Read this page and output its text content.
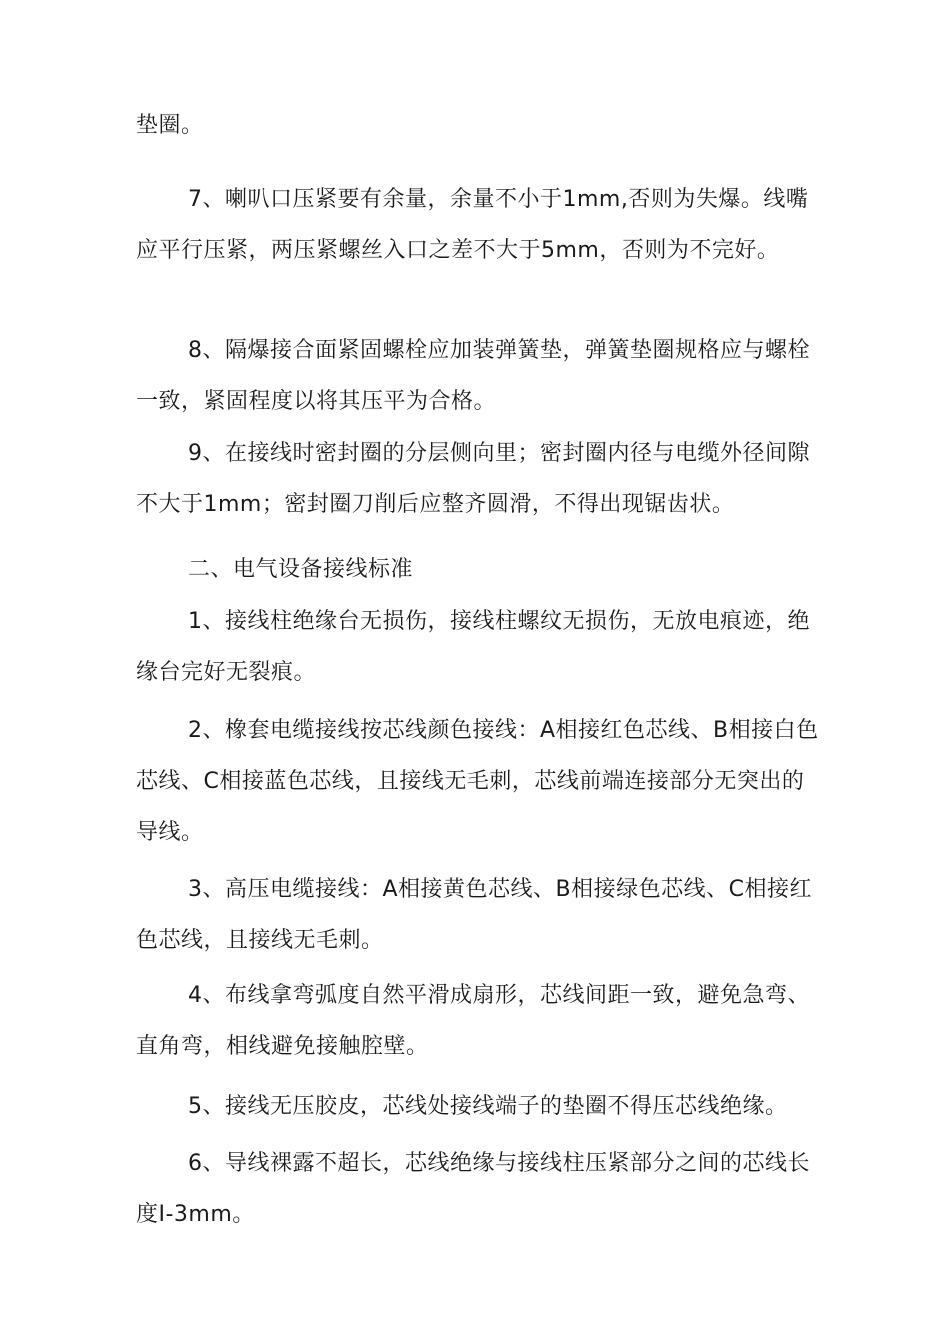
垫圈。

7、喇叭口压紧要有余量，余量不小于1mm,否则为失爆。线嘴应平行压紧，两压紧螺丝入口之差不大于5mm，否则为不完好。

8、隔爆接合面紧固螺栓应加装弹簧垫，弹簧垫圈规格应与螺栓一致，紧固程度以将其压平为合格。

9、在接线时密封圈的分层侧向里；密封圈内径与电缆外径间隙不大于1mm；密封圈刀削后应整齐圆滑，不得出现锯齿状。

二、电气设备接线标准

1、接线柱绝缘台无损伤，接线柱螺纹无损伤，无放电痕迹，绝缘台完好无裂痕。

2、橡套电缆接线按芯线颜色接线：A相接红色芯线、B相接白色芯线、C相接蓝色芯线，且接线无毛刺，芯线前端连接部分无突出的导线。

3、高压电缆接线：A相接黄色芯线、B相接绿色芯线、C相接红色芯线，且接线无毛刺。

4、布线拿弯弧度自然平滑成扇形，芯线间距一致，避免急弯、直角弯，相线避免接触腔壁。

5、接线无压胶皮，芯线处接线端子的垫圈不得压芯线绝缘。

6、导线裸露不超长，芯线绝缘与接线柱压紧部分之间的芯线长度I-3mm。
